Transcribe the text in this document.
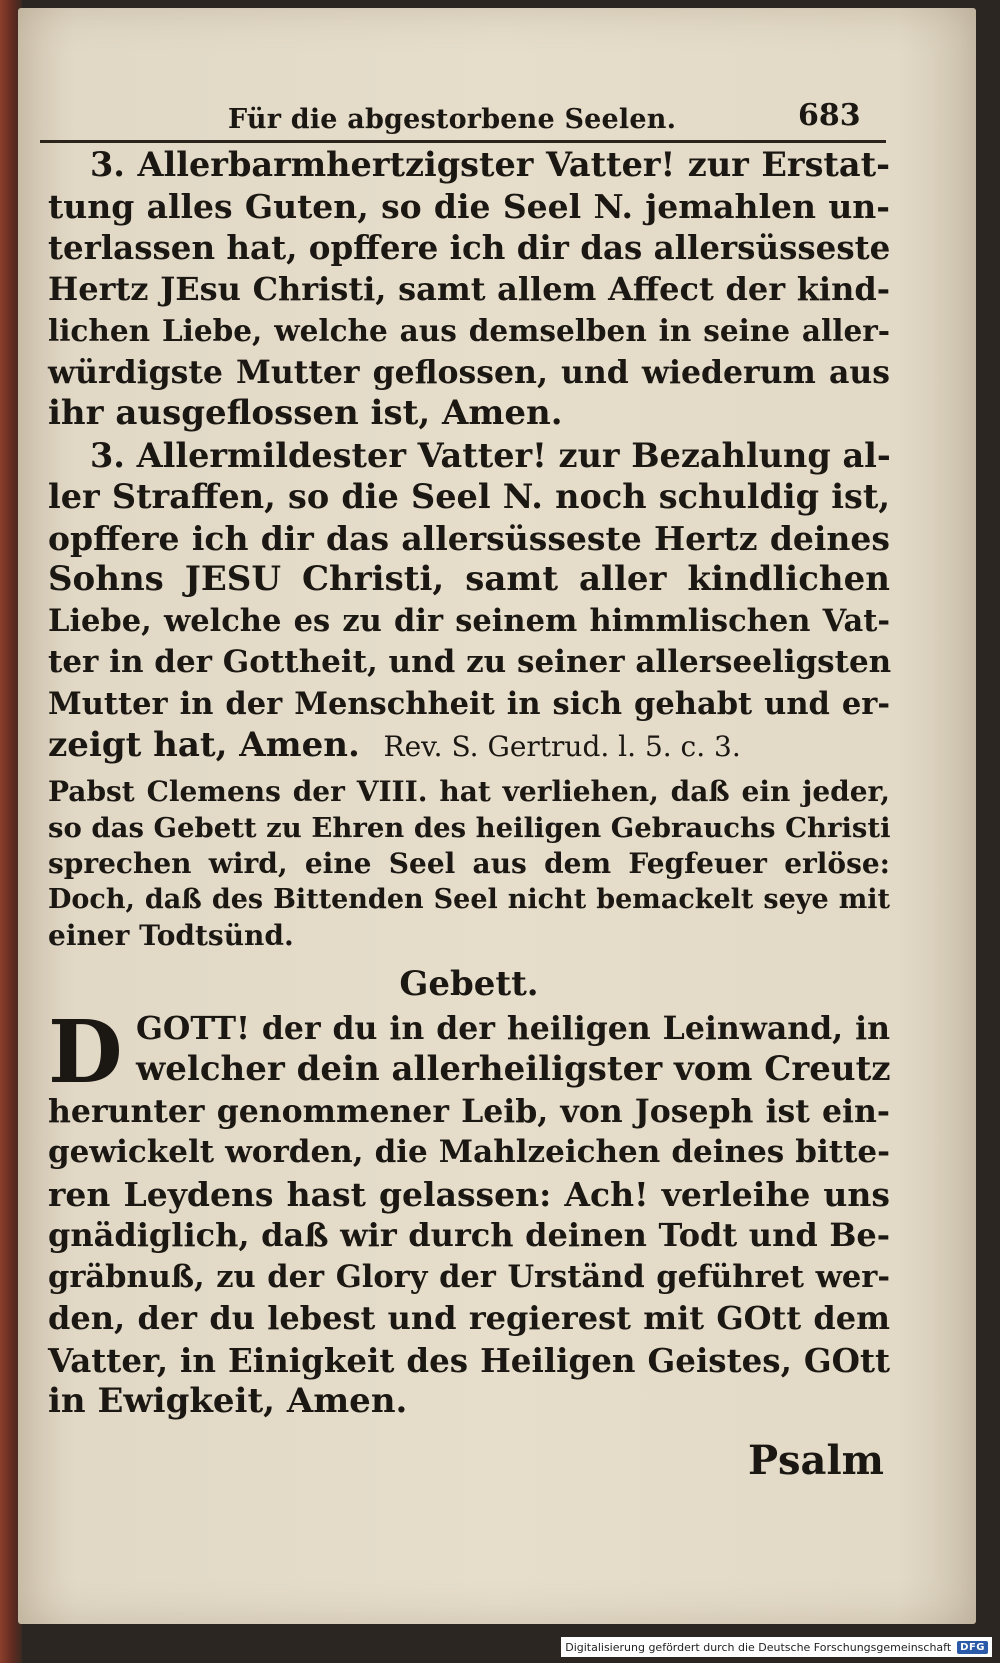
Für die abgestorbene Seelen.	683

3. Allerbarmhertzigster Vatter! zur Erstat-
tung alles Guten, so die Seel N. jemahlen un-
terlassen hat, opffere ich dir das allersüsseste
Hertz JEsu Christi, samt allem Affect der kind-
lichen Liebe, welche aus demselben in seine aller-
würdigste Mutter geflossen, und wiederum aus
ihr ausgeflossen ist, Amen.

3. Allermildester Vatter! zur Bezahlung al-
ler Straffen, so die Seel N. noch schuldig ist,
opffere ich dir das allersüsseste Hertz deines
Sohns JESU Christi, samt aller kindlichen
Liebe, welche es zu dir seinem himmlischen Vat-
ter in der Gottheit, und zu seiner allerseeligsten
Mutter in der Menschheit in sich gehabt und er-
zeigt hat, Amen. Rev. S. Gertrud. l. 5. c. 3.

Pabst Clemens der VIII. hat verliehen, daß ein jeder,
so das Gebett zu Ehren des heiligen Gebrauchs Christi
sprechen wird, eine Seel aus dem Fegfeuer erlöse:
Doch, daß des Bittenden Seel nicht bemackelt seye mit
einer Todtsünd.
Gebett.
D GOTT! der du in der heiligen Leinwand, in
welcher dein allerheiligster vom Creutz
herunter genommener Leib, von Joseph ist ein-
gewickelt worden, die Mahlzeichen deines bitte-
ren Leydens hast gelassen: Ach! verleihe uns
gnädiglich, daß wir durch deinen Todt und Be-
gräbnuß, zu der Glory der Urständ geführet wer-
den, der du lebest und regierest mit GOtt dem
Vatter, in Einigkeit des Heiligen Geistes, GOtt
in Ewigkeit, Amen.
Psalm
Digitalisierung gefördert durch die Deutsche Forschungsgemeinschaft DFG
